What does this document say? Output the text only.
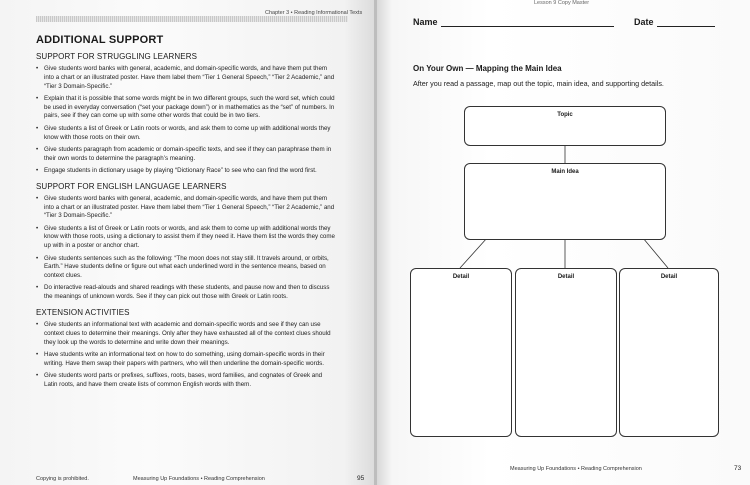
Chapter 3 • Reading Informational Texts
ADDITIONAL SUPPORT
SUPPORT FOR STRUGGLING LEARNERS
• Give students word banks with general, academic, and domain-specific words, and have them put them into a chart or an illustrated poster. Have them label them “Tier 1 General Speech,” “Tier 2 Academic,” and “Tier 3 Domain-Specific.”
• Explain that it is possible that some words might be in two different groups, such the word set, which could be used in everyday conversation (“set your package down”) or in mathematics as the “set” of numbers. In pairs, see if they can come up with some other words that could be in two tiers.
• Give students a list of Greek or Latin roots or words, and ask them to come up with additional words they know with those roots on their own.
• Give students paragraph from academic or domain-specific texts, and see if they can paraphrase them in their own words to determine the paragraph’s meaning.
• Engage students in dictionary usage by playing “Dictionary Race” to see who can find the word first.
SUPPORT FOR ENGLISH LANGUAGE LEARNERS
• Give students word banks with general, academic, and domain-specific words, and have them put them into a chart or an illustrated poster. Have them label them “Tier 1 General Speech,” “Tier 2 Academic,” and “Tier 3 Domain-Specific.”
• Give students a list of Greek or Latin roots or words, and ask them to come up with additional words they know with those roots, using a dictionary to assist them if they need it. Have them list the words they come up with in a poster or anchor chart.
• Give students sentences such as the following: “The moon does not stay still. It travels around, or orbits, Earth.” Have students define or figure out what each underlined word in the sentence means, based on context clues.
• Do interactive read-alouds and shared readings with these students, and pause now and then to discuss the meanings of unknown words. See if they can pick out those with Greek or Latin roots.
EXTENSION ACTIVITIES
• Give students an informational text with academic and domain-specific words and see if they can use context clues to determine their meanings. Only after they have exhausted all of the context clues should they look up the words to determine and write down their meanings.
• Have students write an informational text on how to do something, using domain-specific words in their writing. Have them swap their papers with partners, who will then underline the domain-specific words.
• Give students word parts or prefixes, suffixes, roots, bases, word families, and cognates of Greek and Latin roots, and have them create lists of common English words with them.
Copying is prohibited.	Measuring Up Foundations • Reading Comprehension	95
Lesson 9 Copy Master
Name	Date
On Your Own — Mapping the Main Idea
After you read a passage, map out the topic, main idea, and supporting details.
Topic
Main Idea
Detail	Detail	Detail
Measuring Up Foundations • Reading Comprehension	73
